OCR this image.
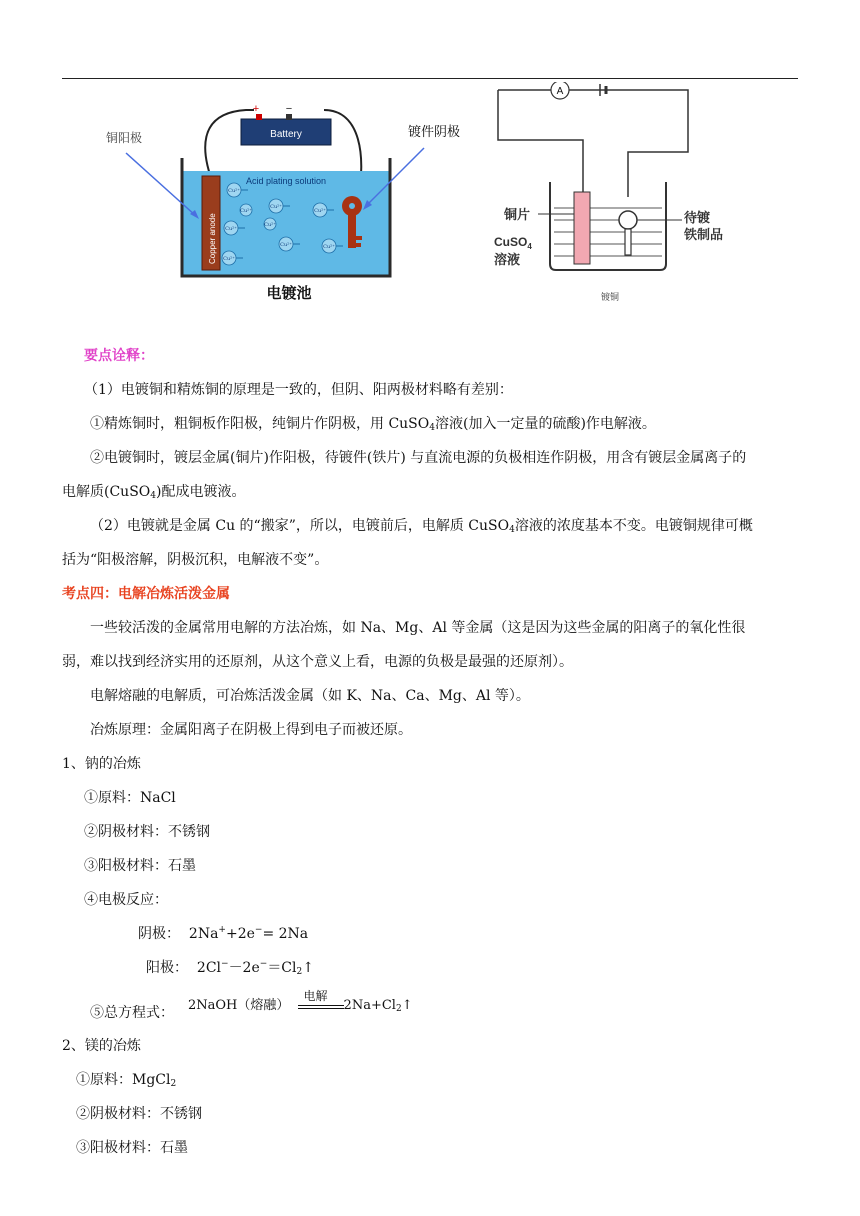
Battery
+ −
Acid plating solution
Copper anode
铜阳极	镀件阴极
电镀池
Cu²⁺
Cu²⁺
Cu²⁺
Cu²⁺
Cu²⁺	Cu²⁺
Cu²⁺
Cu²⁺
Cu²⁺
A
铜片
CuSO$_4$
溶液
待镀
铁制品
镀铜
要点诠释：
（1）电镀铜和精炼铜的原理是一致的，但阴、阳两极材料略有差别：
①精炼铜时，粗铜板作阳极，纯铜片作阴极，用 CuSO$_4$溶液(加入一定量的硫酸)作电解液。
②电镀铜时，镀层金属(铜片)作阳极，待镀件(铁片) 与直流电源的负极相连作阴极，用含有镀层金属离子的
电解质(CuSO$_4$)配成电镀液。
（2）电镀就是金属 Cu 的“搬家”，所以，电镀前后，电解质 CuSO$_4$溶液的浓度基本不变。电镀铜规律可概
括为“阳极溶解，阴极沉积，电解液不变”。
考点四：电解冶炼活泼金属
一些较活泼的金属常用电解的方法冶炼，如 Na、Mg、Al 等金属（这是因为这些金属的阳离子的氧化性很
弱，难以找到经济实用的还原剂，从这个意义上看，电源的负极是最强的还原剂）。
电解熔融的电解质，可冶炼活泼金属（如 K、Na、Ca、Mg、Al 等）。
冶炼原理：金属阳离子在阴极上得到电子而被还原。
1、钠的冶炼
①原料：NaCl
②阴极材料：不锈钢
③阳极材料：石墨
④电极反应：
阴极： 2Na++2e−= 2Na
阳极： $2Cl^--2e^-=Cl_2↑$
⑤总方程式： 2NaOH（熔融）
电解
$2Na+Cl_2↑$
2、镁的冶炼
①原料：MgCl$_2$
②阴极材料：不锈钢
③阳极材料：石墨
